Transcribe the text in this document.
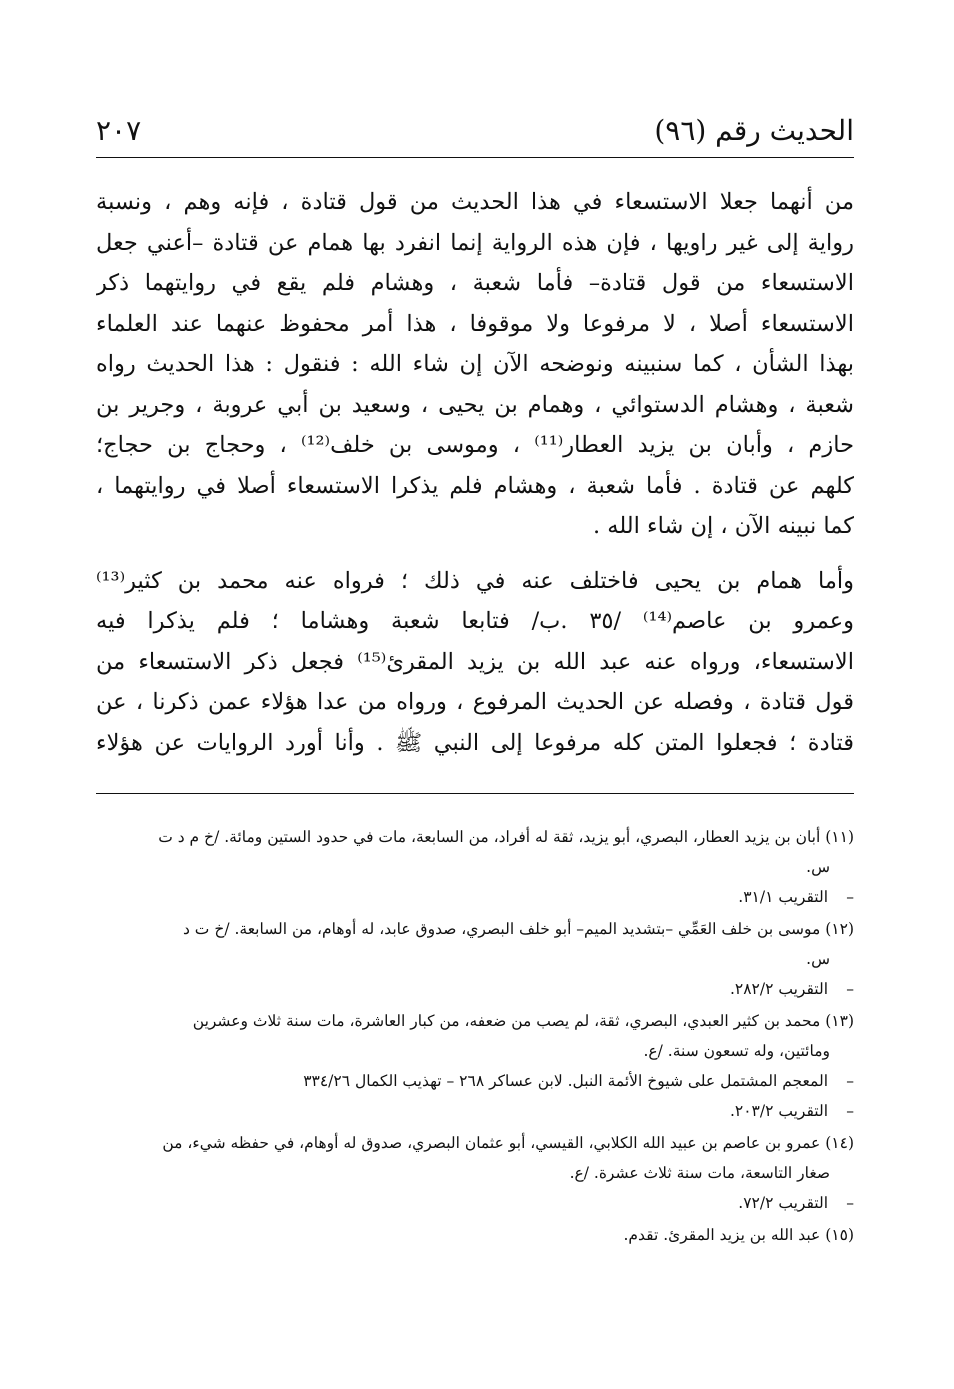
الحديث رقم (٩٦)
٢٠٧
من أنهما جعلا الاستسعاء في هذا الحديث من قول قتادة ، فإنه وهم ، ونسبة
رواية إلى غير راويها ، فإن هذه الرواية إنما انفرد بها همام عن قتادة –أعني جعل
الاستسعاء من قول قتادة– فأما شعبة ، وهشام فلم يقع في روايتهما ذكر
الاستسعاء أصلا ، لا مرفوعا ولا موقوفا ، هذا أمر محفوظ عنهما عند العلماء
بهذا الشأن ، كما سنبينه ونوضحه الآن إن شاء الله : فنقول : هذا الحديث رواه
شعبة ، وهشام الدستوائي ، وهمام بن يحيى ، وسعيد بن أبي عروبة ، وجرير بن
حازم ، وأبان بن يزيد العطار⁽¹¹⁾ ، وموسى بن خلف⁽¹²⁾ ، وحجاج بن حجاج؛
كلهم عن قتادة . فأما شعبة ، وهشام فلم يذكرا الاستسعاء أصلا في روايتهما ،
كما نبينه الآن ، إن شاء الله .
وأما همام بن يحيى فاختلف عنه في ذلك ؛ فرواه عنه محمد بن كثير⁽¹³⁾
وعمرو بن عاصم⁽¹⁴⁾ /٣٥ .ب/ فتابعا شعبة وهشاما ؛ فلم يذكرا فيه
الاستسعاء، ورواه عنه عبد الله بن يزيد المقرئ⁽¹⁵⁾ فجعل ذكر الاستسعاء من
قول قتادة ، وفصله عن الحديث المرفوع ، ورواه من عدا هؤلاء عمن ذكرنا ، عن
قتادة ؛ فجعلوا المتن كله مرفوعا إلى النبي ﷺ . وأنا أورد الروايات عن هؤلاء
(١١) أبان بن يزيد العطار، البصري، أبو يزيد، ثقة له أفراد، من السابعة، مات في حدود الستين ومائة. /خ م د ت
س.
–التقريب ٣١/١.
(١٢) موسى بن خلف العَمِّي –بتشديد الميم– أبو خلف البصري، صدوق عابد، له أوهام، من السابعة. /خ ت د
س.
–التقريب ٢٨٢/٢.
(١٣) محمد بن كثير العبدي، البصري، ثقة، لم يصب من ضعفه، من كبار العاشرة، مات سنة ثلاث وعشرين
ومائتين، وله تسعون سنة. /ع.
–المعجم المشتمل على شيوخ الأئمة النبل. لابن عساكر ٢٦٨ – تهذيب الكمال ٣٣٤/٢٦
–التقريب ٢٠٣/٢.
(١٤) عمرو بن عاصم بن عبيد الله الكلابي، القيسي، أبو عثمان البصري، صدوق له أوهام، في حفظه شيء، من
صغار التاسعة، مات سنة ثلاث عشرة. /ع.
–التقريب ٧٢/٢.
(١٥) عبد الله بن يزيد المقرئ. تقدم.
